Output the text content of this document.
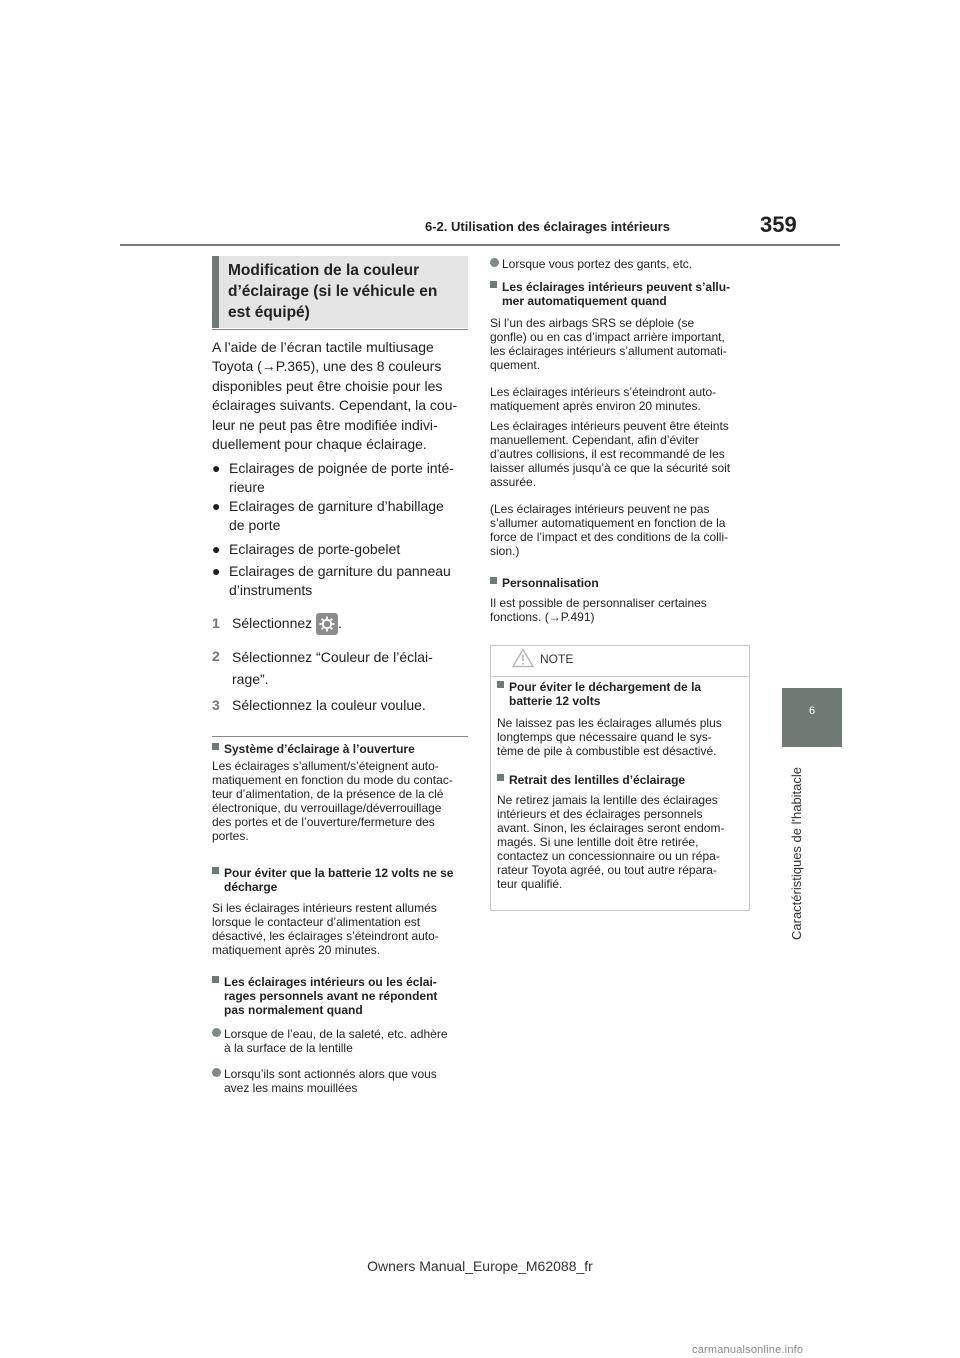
6-2. Utilisation des éclairages intérieurs	359
6
Caractéristiques de l'habitacle
Modification de la couleur
d’éclairage (si le véhicule en
est équipé)
A l’aide de l’écran tactile multiusage
Toyota (→P.365), une des 8 couleurs
disponibles peut être choisie pour les
éclairages suivants. Cependant, la cou-
leur ne peut pas être modifiée indivi-
duellement pour chaque éclairage.
● Eclairages de poignée de porte inté-
rieure
● Eclairages de garniture d’habillage
de porte
● Eclairages de porte-gobelet
● Eclairages de garniture du panneau
d’instruments
1 Sélectionnez .
2 Sélectionnez “Couleur de l’éclai-
rage”.
3 Sélectionnez la couleur voulue.
Système d’éclairage à l’ouverture
Les éclairages s’allument/s’éteignent auto-
matiquement en fonction du mode du contac-
teur d’alimentation, de la présence de la clé
électronique, du verrouillage/déverrouillage
des portes et de l’ouverture/fermeture des
portes.
Pour éviter que la batterie 12 volts ne se
décharge
Si les éclairages intérieurs restent allumés
lorsque le contacteur d’alimentation est
désactivé, les éclairages s’éteindront auto-
matiquement après 20 minutes.
Les éclairages intérieurs ou les éclai-
rages personnels avant ne répondent
pas normalement quand
Lorsque de l’eau, de la saleté, etc. adhère
à la surface de la lentille
Lorsqu’ils sont actionnés alors que vous
avez les mains mouillées
Lorsque vous portez des gants, etc.
Les éclairages intérieurs peuvent s’allu-
mer automatiquement quand
Si l’un des airbags SRS se déploie (se
gonfle) ou en cas d’impact arrière important,
les éclairages intérieurs s’allument automati-
quement.
Les éclairages intérieurs s’éteindront auto-
matiquement après environ 20 minutes.
Les éclairages intérieurs peuvent être éteints
manuellement. Cependant, afin d’éviter
d’autres collisions, il est recommandé de les
laisser allumés jusqu’à ce que la sécurité soit
assurée.
(Les éclairages intérieurs peuvent ne pas
s’allumer automatiquement en fonction de la
force de l’impact et des conditions de la colli-
sion.)
Personnalisation
Il est possible de personnaliser certaines
fonctions. (→P.491)
NOTE
Pour éviter le déchargement de la
batterie 12 volts
Ne laissez pas les éclairages allumés plus
longtemps que nécessaire quand le sys-
tème de pile à combustible est désactivé.
Retrait des lentilles d’éclairage
Ne retirez jamais la lentille des éclairages
intérieurs et des éclairages personnels
avant. Sinon, les éclairages seront endom-
magés. Si une lentille doit être retirée,
contactez un concessionnaire ou un répa-
rateur Toyota agréé, ou tout autre répara-
teur qualifié.
Owners Manual_Europe_M62088_fr
carmanualsonline.info
